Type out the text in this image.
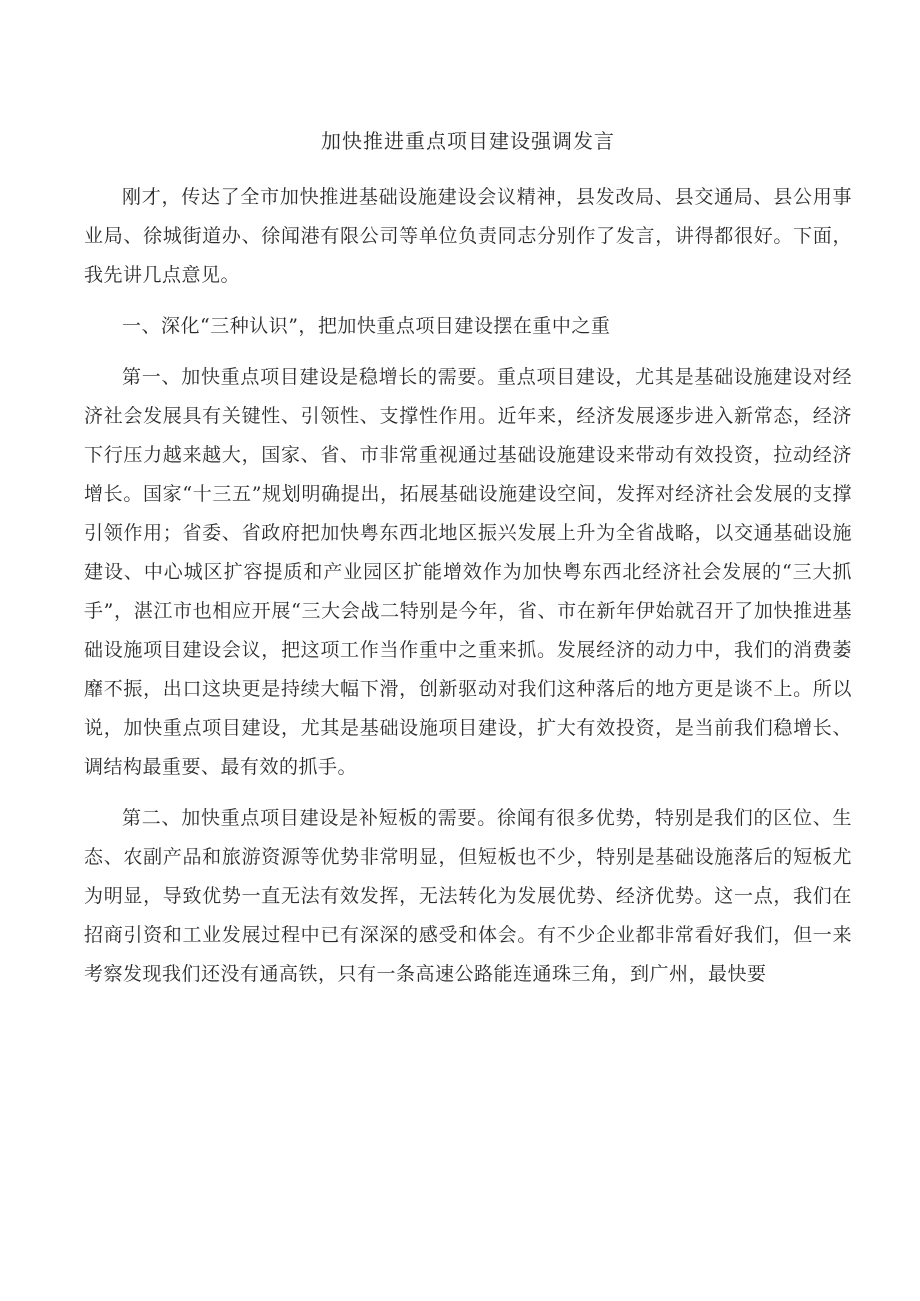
加快推进重点项目建设强调发言

刚才，传达了全市加快推进基础设施建设会议精神，县发改局、县交通局、县公用事业局、徐城街道办、徐闻港有限公司等单位负责同志分别作了发言，讲得都很好。下面，我先讲几点意见。

一、深化“三种认识”，把加快重点项目建设摆在重中之重

第一、加快重点项目建设是稳增长的需要。重点项目建设，尤其是基础设施建设对经济社会发展具有关键性、引领性、支撑性作用。近年来，经济发展逐步进入新常态，经济下行压力越来越大，国家、省、市非常重视通过基础设施建设来带动有效投资，拉动经济增长。国家“十三五”规划明确提出，拓展基础设施建设空间，发挥对经济社会发展的支撑引领作用；省委、省政府把加快粤东西北地区振兴发展上升为全省战略，以交通基础设施建设、中心城区扩容提质和产业园区扩能增效作为加快粤东西北经济社会发展的“三大抓手”，湛江市也相应开展“三大会战二特别是今年，省、市在新年伊始就召开了加快推进基础设施项目建设会议，把这项工作当作重中之重来抓。发展经济的动力中，我们的消费萎靡不振，出口这块更是持续大幅下滑，创新驱动对我们这种落后的地方更是谈不上。所以说，加快重点项目建设，尤其是基础设施项目建设，扩大有效投资，是当前我们稳增长、调结构最重要、最有效的抓手。

第二、加快重点项目建设是补短板的需要。徐闻有很多优势，特别是我们的区位、生态、农副产品和旅游资源等优势非常明显，但短板也不少，特别是基础设施落后的短板尤为明显，导致优势一直无法有效发挥，无法转化为发展优势、经济优势。这一点，我们在招商引资和工业发展过程中已有深深的感受和体会。有不少企业都非常看好我们，但一来考察发现我们还没有通高铁，只有一条高速公路能连通珠三角，到广州，最快要
